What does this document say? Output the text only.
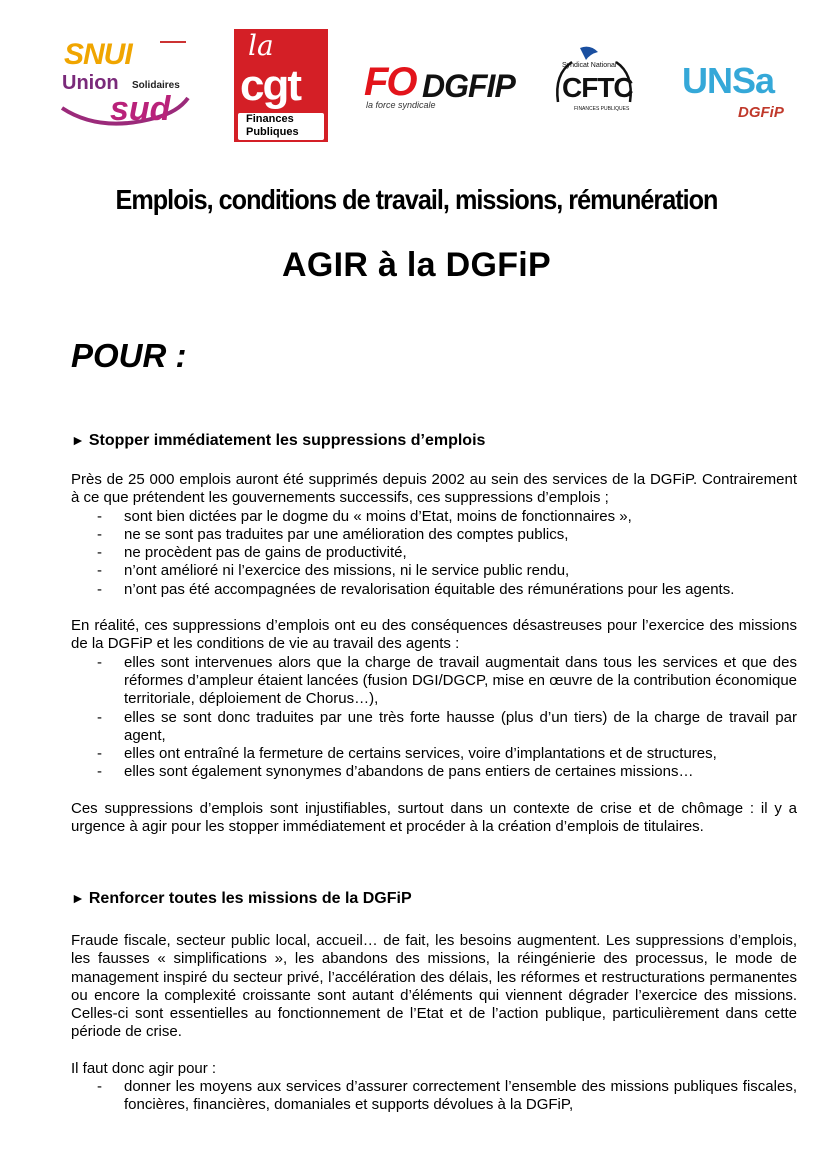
SNUI
Union Solidaires
sud
la
cgt
Finances
Publiques
FO DGFIP
la force syndicale
Syndicat National
CFTC
FINANCES PUBLIQUES
UNSa
DGFiP
Emplois, conditions de travail, missions, rémunération
AGIR à la DGFiP
POUR :
► Stopper immédiatement les suppressions d’emplois

Près de 25 000 emplois auront été supprimés depuis 2002 au sein des services de la DGFiP. Contrairement à ce que prétendent les gouvernements successifs, ces suppressions d’emplois ;

- sont bien dictées par le dogme du « moins d’Etat, moins de fonctionnaires »,
- ne se sont pas traduites par une amélioration des comptes publics,
- ne procèdent pas de gains de productivité,
- n’ont amélioré ni l’exercice des missions, ni le service public rendu,
- n’ont pas été accompagnées de revalorisation équitable des rémunérations pour les agents.

En réalité, ces suppressions d’emplois ont eu des conséquences désastreuses pour l’exercice des missions de la DGFiP et les conditions de vie au travail des agents :

- elles sont intervenues alors que la charge de travail augmentait dans tous les services et que des réformes d’ampleur étaient lancées (fusion DGI/DGCP, mise en œuvre de la contribution économique territoriale, déploiement de Chorus…),
- elles se sont donc traduites par une très forte hausse (plus d’un tiers) de la charge de travail par agent,
- elles ont entraîné la fermeture de certains services, voire d’implantations et de structures,
- elles sont également synonymes d’abandons de pans entiers de certaines missions…

Ces suppressions d’emplois sont injustifiables, surtout dans un contexte de crise et de chômage : il y a urgence à agir pour les stopper immédiatement et procéder à la création d’emplois de titulaires.

► Renforcer toutes les missions de la DGFiP

Fraude fiscale, secteur public local, accueil… de fait, les besoins augmentent. Les suppressions d’emplois, les fausses « simplifications », les abandons des missions, la réingénierie des processus, le mode de management inspiré du secteur privé, l’accélération des délais, les réformes et restructurations permanentes ou encore la complexité croissante sont autant d’éléments qui viennent dégrader l’exercice des missions. Celles-ci sont essentielles au fonctionnement de l’Etat et de l’action publique, particulièrement dans cette période de crise.

Il faut donc agir pour :

- donner les moyens aux services d’assurer correctement l’ensemble des missions publiques fiscales, foncières, financières, domaniales et supports dévolues à la DGFiP,
